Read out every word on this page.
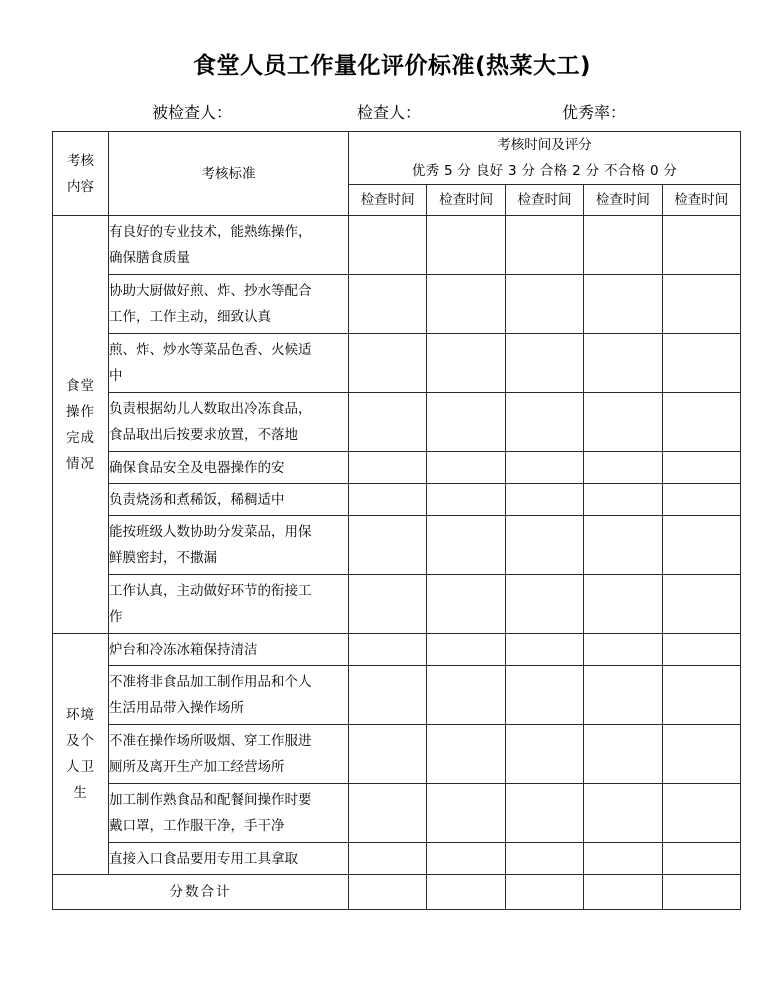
食堂人员工作量化评价标准(热菜大工)
被检查人：	检查人：	优秀率：
考核
内容
	考核标准	
考核时间及评分
优秀 5 分 良好 3 分 合格 2 分 不合格 0 分

		检查时间	检查时间	检查时间	检查时间	检查时间

食堂
操作
完成
情况	有良好的专业技术，能熟练操作，
确保膳食质量					

	协助大厨做好煎、炸、抄水等配合
工作，工作主动，细致认真					

	煎、炸、炒水等菜品色香、火候适
中					

	负责根据幼儿人数取出冷冻食品，
食品取出后按要求放置，不落地					

	确保食品安全及电器操作的安					

	负责烧汤和煮稀饭，稀稠适中					

	能按班级人数协助分发菜品，用保
鲜膜密封，不撒漏					

	工作认真，主动做好环节的衔接工
作					

环境
及个
人卫
生	炉台和冷冻冰箱保持清洁					

	不准将非食品加工制作用品和个人
生活用品带入操作场所					

	不准在操作场所吸烟、穿工作服进
厕所及离开生产加工经营场所					

	加工制作熟食品和配餐间操作时要
戴口罩，工作服干净，手干净					

	直接入口食品要用专用工具拿取					

分数合计						
